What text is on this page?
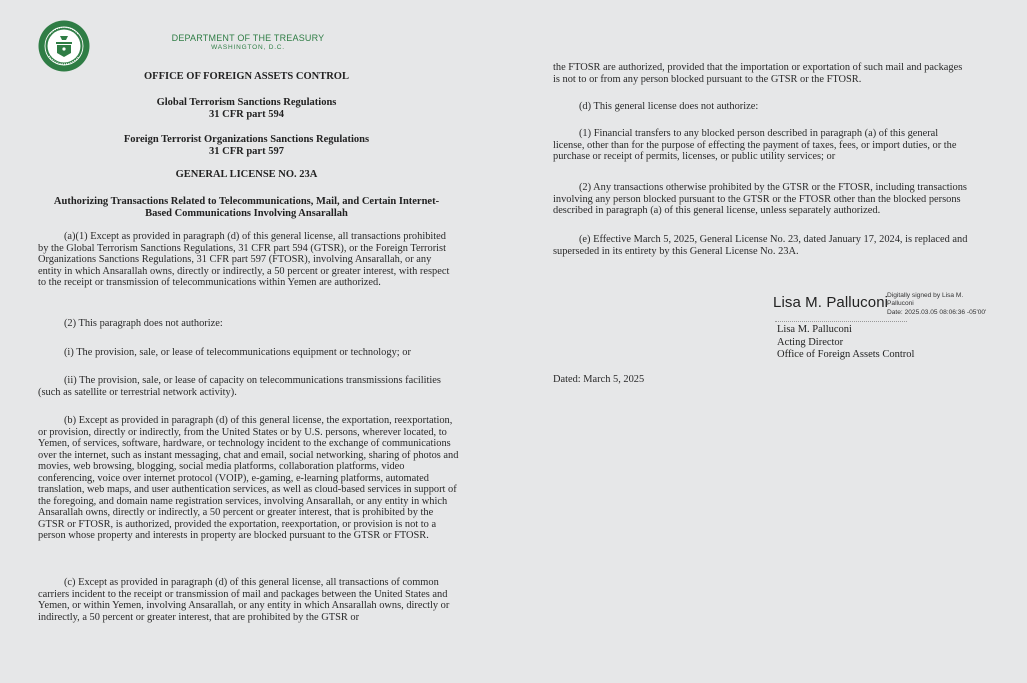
DEPARTMENT OF THE TREASURY
WASHINGTON, D.C.
OFFICE OF FOREIGN ASSETS CONTROL
Global Terrorism Sanctions Regulations
31 CFR part 594
Foreign Terrorist Organizations Sanctions Regulations
31 CFR part 597
GENERAL LICENSE NO. 23A
Authorizing Transactions Related to Telecommunications, Mail, and Certain Internet-
Based Communications Involving Ansarallah

(a)(1) Except as provided in paragraph (d) of this general license, all transactions prohibited by the Global Terrorism Sanctions Regulations, 31 CFR part 594 (GTSR), or the Foreign Terrorist Organizations Sanctions Regulations, 31 CFR part 597 (FTOSR), involving Ansarallah, or any entity in which Ansarallah owns, directly or indirectly, a 50 percent or greater interest, with respect to the receipt or transmission of telecommunications within Yemen are authorized.

(2) This paragraph does not authorize:

(i) The provision, sale, or lease of telecommunications equipment or technology; or

(ii) The provision, sale, or lease of capacity on telecommunications transmissions facilities (such as satellite or terrestrial network activity).

(b) Except as provided in paragraph (d) of this general license, the exportation, reexportation, or provision, directly or indirectly, from the United States or by U.S. persons, wherever located, to Yemen, of services, software, hardware, or technology incident to the exchange of communications over the internet, such as instant messaging, chat and email, social networking, sharing of photos and movies, web browsing, blogging, social media platforms, collaboration platforms, video conferencing, voice over internet protocol (VOIP), e-gaming, e-learning platforms, automated translation, web maps, and user authentication services, as well as cloud-based services in support of the foregoing, and domain name registration services, involving Ansarallah, or any entity in which Ansarallah owns, directly or indirectly, a 50 percent or greater interest, that is prohibited by the GTSR or FTOSR, is authorized, provided the exportation, reexportation, or provision is not to a person whose property and interests in property are blocked pursuant to the GTSR or FTOSR.

(c) Except as provided in paragraph (d) of this general license, all transactions of common carriers incident to the receipt or transmission of mail and packages between the United States and Yemen, or within Yemen, involving Ansarallah, or any entity in which Ansarallah owns, directly or indirectly, a 50 percent or greater interest, that are prohibited by the GTSR or

the FTOSR are authorized, provided that the importation or exportation of such mail and packages is not to or from any person blocked pursuant to the GTSR or the FTOSR.

(d) This general license does not authorize:

(1) Financial transfers to any blocked person described in paragraph (a) of this general license, other than for the purpose of effecting the payment of taxes, fees, or import duties, or the purchase or receipt of permits, licenses, or public utility services; or

(2) Any transactions otherwise prohibited by the GTSR or the FTOSR, including transactions involving any person blocked pursuant to the GTSR or the FTOSR other than the blocked persons described in paragraph (a) of this general license, unless separately authorized.

(e) Effective March 5, 2025, General License No. 23, dated January 17, 2024, is replaced and superseded in its entirety by this General License No. 23A.

Dated: March 5, 2025
Lisa M. Palluconi
Digitally signed by Lisa M.
Palluconi
Date: 2025.03.05 08:06:36 -05'00'
Lisa M. Palluconi
Acting Director
Office of Foreign Assets Control
